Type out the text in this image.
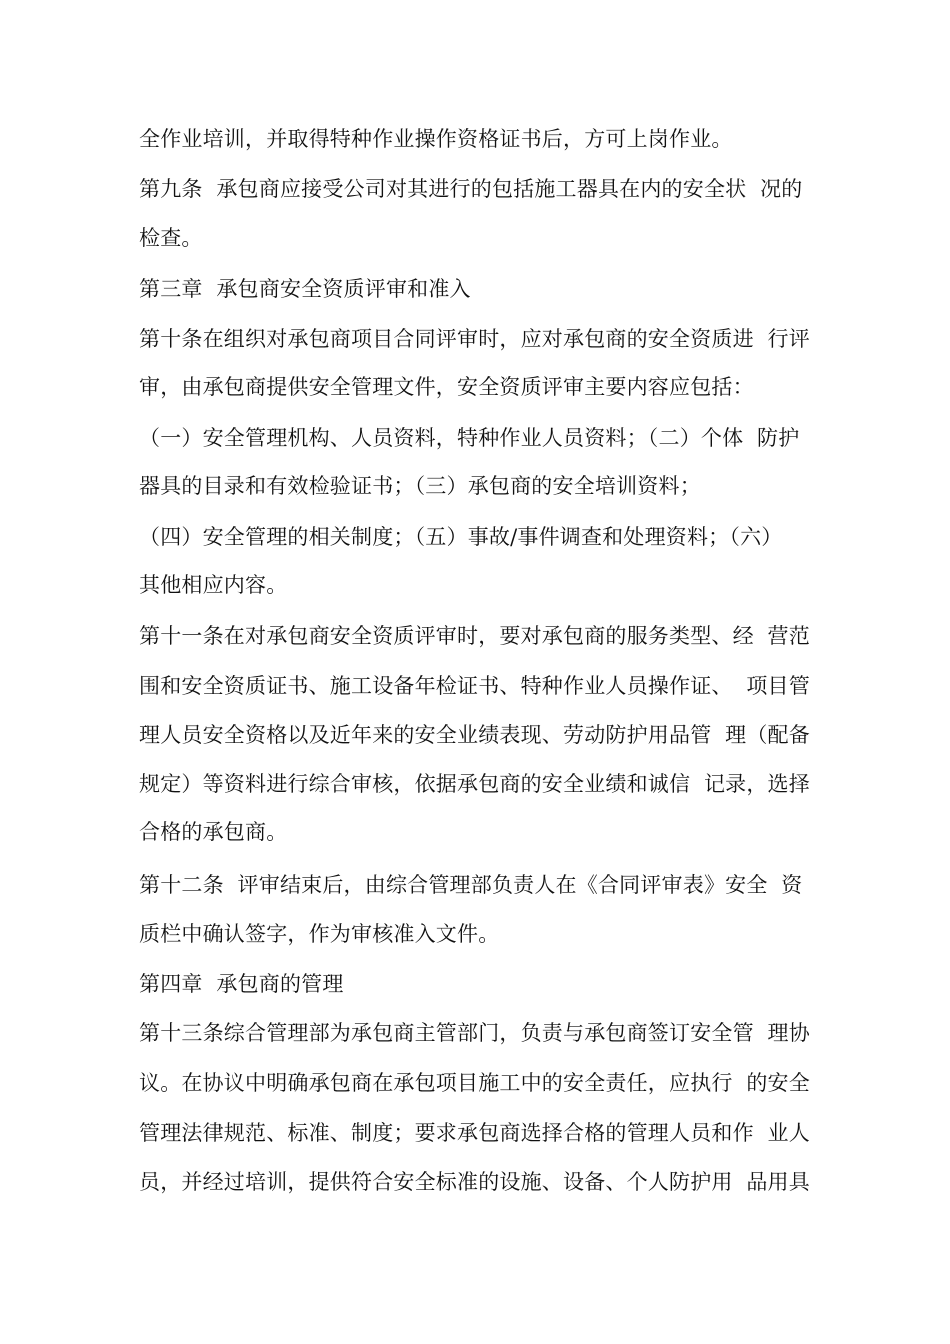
全作业培训，并取得特种作业操作资格证书后，方可上岗作业。
第九条  承包商应接受公司对其进行的包括施工器具在内的安全状  况的
检查。
第三章  承包商安全资质评审和准入
第十条在组织对承包商项目合同评审时，应对承包商的安全资质进  行评
审，由承包商提供安全管理文件，安全资质评审主要内容应包括：
（一）安全管理机构、人员资料，特种作业人员资料；（二）个体  防护
器具的目录和有效检验证书；（三）承包商的安全培训资料；
（四）安全管理的相关制度；（五）事故/事件调查和处理资料；（六）
其他相应内容。
第十一条在对承包商安全资质评审时，要对承包商的服务类型、经  营范
围和安全资质证书、施工设备年检证书、特种作业人员操作证、  项目管
理人员安全资格以及近年来的安全业绩表现、劳动防护用品管  理（配备
规定）等资料进行综合审核，依据承包商的安全业绩和诚信  记录，选择
合格的承包商。
第十二条  评审结束后，由综合管理部负责人在《合同评审表》安全  资
质栏中确认签字，作为审核准入文件。
第四章  承包商的管理
第十三条综合管理部为承包商主管部门，负责与承包商签订安全管  理协
议。在协议中明确承包商在承包项目施工中的安全责任，应执行  的安全
管理法律规范、标准、制度；要求承包商选择合格的管理人员和作  业人
员，并经过培训，提供符合安全标准的设施、设备、个人防护用  品用具
